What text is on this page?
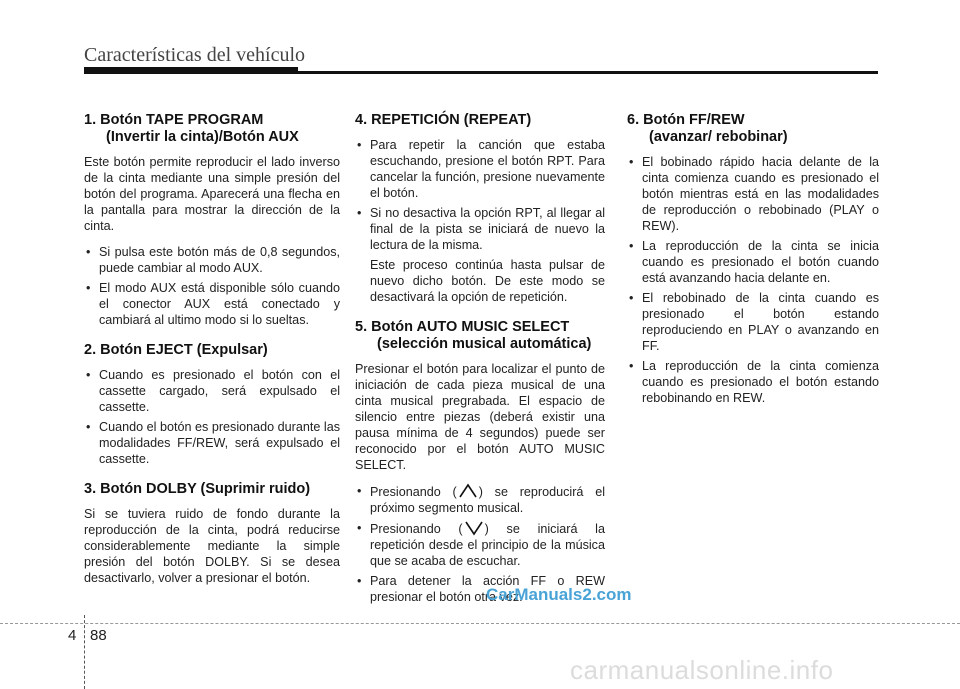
Características del vehículo
1. Botón TAPE PROGRAM
(Invertir la cinta)/Botón AUX

Este botón permite reproducir el lado inverso de la cinta mediante una simple presión del botón del programa. Aparecerá una flecha en la pantalla para mostrar la dirección de la cinta.

• Si pulsa este botón más de 0,8 segundos, puede cambiar al modo AUX.
• El modo AUX está disponible sólo cuando el conector AUX está conectado y cambiará al ultimo modo si lo sueltas.
2. Botón EJECT (Expulsar)
• Cuando es presionado el botón con el cassette cargado, será expulsado el cassette.
• Cuando el botón es presionado durante las modalidades FF/REW, será expulsado el cassette.
3. Botón DOLBY (Suprimir ruido)

Si se tuviera ruido de fondo durante la reproducción de la cinta, podrá reducirse considerablemente mediante la simple presión del botón DOLBY. Si se desea desactivarlo, volver a presionar el botón.

4. REPETICIÓN (REPEAT)
• Para repetir la canción que estaba escuchando, presione el botón RPT. Para cancelar la función, presione nuevamente el botón.
• Si no desactiva la opción RPT, al llegar al final de la pista se iniciará de nuevo la lectura de la misma.
Este proceso continúa hasta pulsar de nuevo dicho botón. De este modo se desactivará la opción de repetición.
5. Botón AUTO MUSIC SELECT
(selección musical automática)

Presionar el botón para localizar el punto de iniciación de cada pieza musical de una cinta musical pregrabada. El espacio de silencio entre piezas (deberá existir una pausa mínima de 4 segundos) puede ser reconocido por el botón AUTO MUSIC SELECT.

• Presionando ( ) se reproducirá el próximo segmento musical.
• Presionando ( ) se iniciará la repetición desde el principio de la música que se acaba de escuchar.
• Para detener la acción FF o REW presionar el botón otra vez.
6. Botón FF/REW
(avanzar/ rebobinar)
• El bobinado rápido hacia delante de la cinta comienza cuando es presionado el botón mientras está en las modalidades de reproducción o rebobinado (PLAY o REW).
• La reproducción de la cinta se inicia cuando es presionado el botón cuando está avanzando hacia delante en.
• El rebobinado de la cinta cuando es presionado el botón estando reproduciendo en PLAY o avanzando en FF.
• La reproducción de la cinta comienza cuando es presionado el botón estando rebobinando en REW.
CarManuals2.com
4 88
carmanualsonline.info
